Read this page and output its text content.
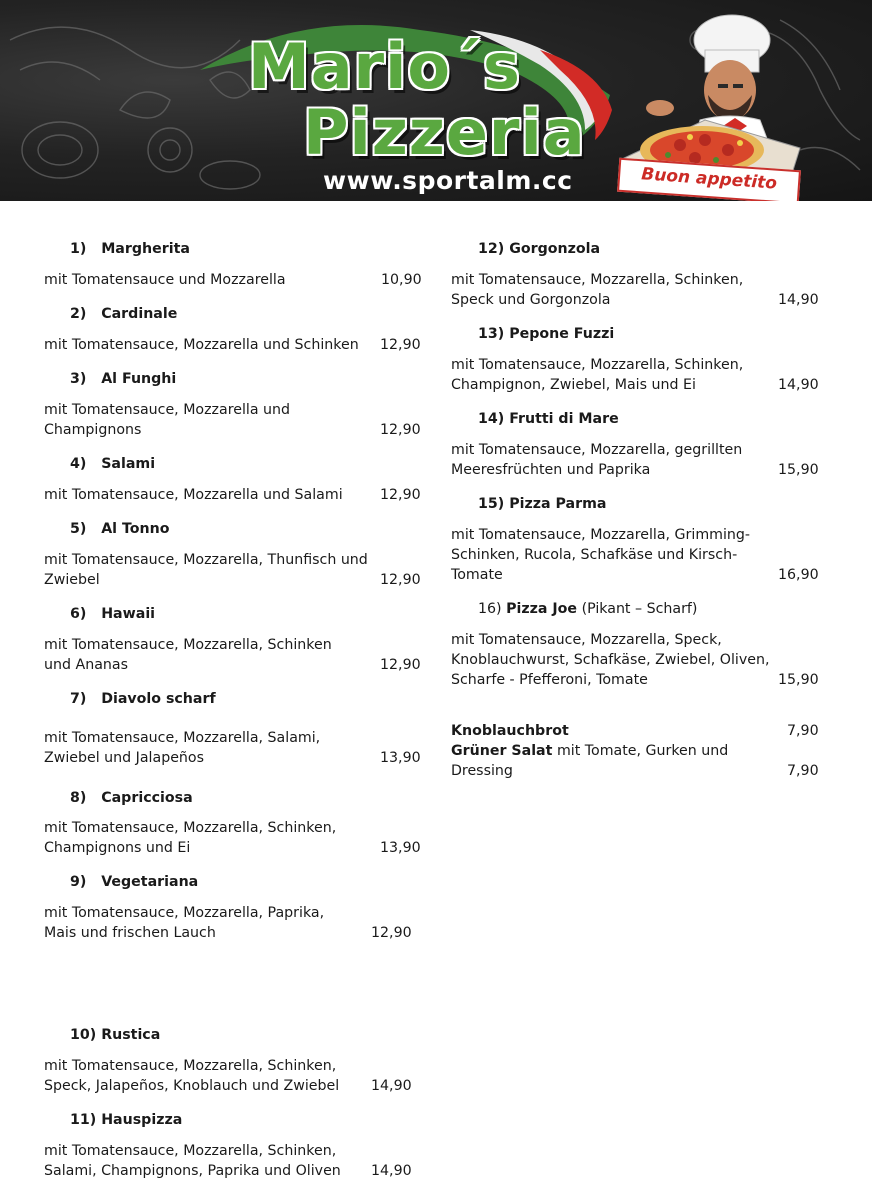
Mario´s
Pizzeria
www.sportalm.cc	Buon appetito
1) Margherita
mit Tomatensauce und Mozzarella	10,90
2) Cardinale
mit Tomatensauce, Mozzarella und Schinken 12,90
3) Al Funghi
mit Tomatensauce, Mozzarella und
Champignons	12,90
4) Salami
mit Tomatensauce, Mozzarella und Salami	12,90
5) Al Tonno
mit Tomatensauce, Mozzarella, Thunfisch und
Zwiebel	12,90
6) Hawaii
mit Tomatensauce, Mozzarella, Schinken
und Ananas	12,90
7) Diavolo scharf
mit Tomatensauce, Mozzarella, Salami,
Zwiebel und Jalapeños	13,90
8) Capricciosa
mit Tomatensauce, Mozzarella, Schinken,
Champignons und Ei	13,90
9) Vegetariana
mit Tomatensauce, Mozzarella, Paprika,
Mais und frischen Lauch	12,90
10) Rustica
mit Tomatensauce, Mozzarella, Schinken,
Speck, Jalapeños, Knoblauch und Zwiebel 14,90
11) Hauspizza
mit Tomatensauce, Mozzarella, Schinken,
Salami, Champignons, Paprika und Oliven 14,90
12) Gorgonzola
mit Tomatensauce, Mozzarella, Schinken,
Speck und Gorgonzola	14,90
13) Pepone Fuzzi
mit Tomatensauce, Mozzarella, Schinken,
Champignon, Zwiebel, Mais und Ei	14,90
14) Frutti di Mare
mit Tomatensauce, Mozzarella, gegrillten
Meeresfrüchten und Paprika	15,90
15) Pizza Parma
mit Tomatensauce, Mozzarella, Grimming-
Schinken, Rucola, Schafkäse und Kirsch-
Tomate	16,90
16) Pizza Joe (Pikant – Scharf)
mit Tomatensauce, Mozzarella, Speck,
Knoblauchwurst, Schafkäse, Zwiebel, Oliven,
Scharfe - Pfefferoni, Tomate	15,90
Knoblauchbrot	7,90
Grüner Salat mit Tomate, Gurken und
Dressing	7,90
